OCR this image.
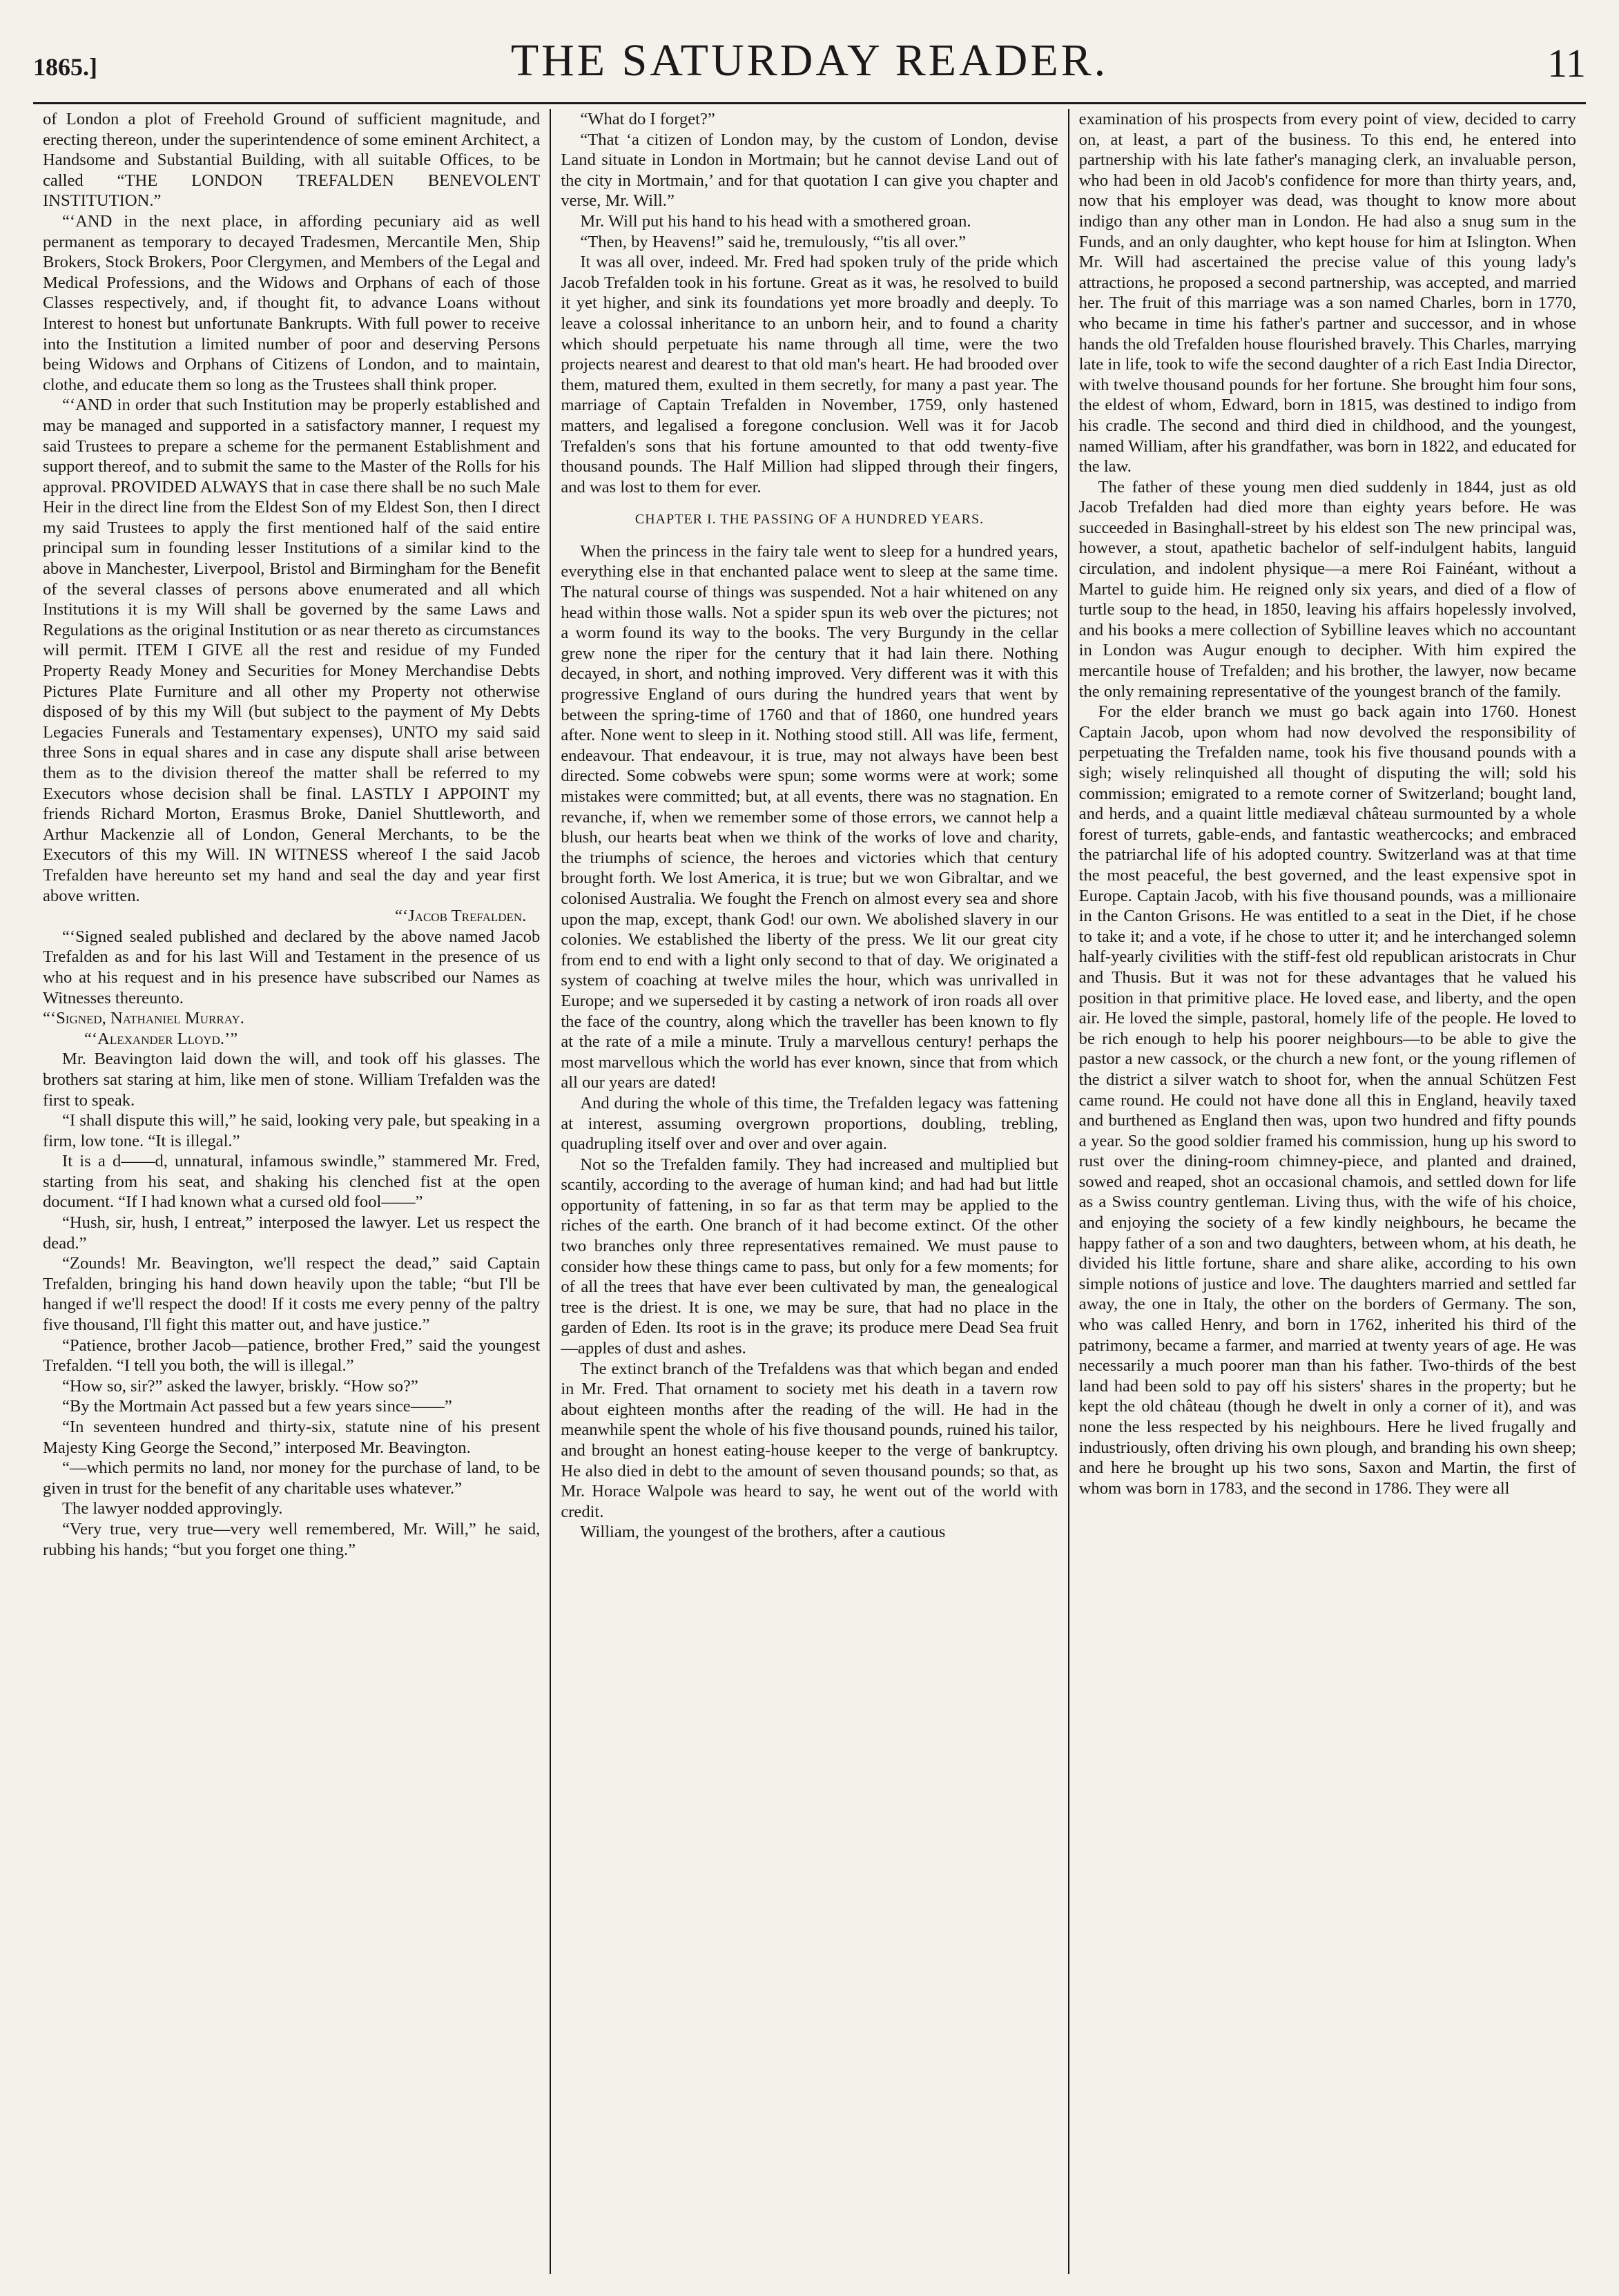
1865.]	THE SATURDAY READER.	11

of London a plot of Freehold Ground of sufficient magnitude, and erecting thereon, under the superintendence of some eminent Architect, a Handsome and Substantial Building, with all suitable Offices, to be called “THE LONDON TREFALDEN BENEVOLENT INSTITUTION.”

“‘AND in the next place, in affording pecuniary aid as well permanent as temporary to decayed Tradesmen, Mercantile Men, Ship Brokers, Stock Brokers, Poor Clergymen, and Members of the Legal and Medical Professions, and the Widows and Orphans of each of those Classes respectively, and, if thought fit, to advance Loans without Interest to honest but unfortunate Bankrupts. With full power to receive into the Institution a limited number of poor and deserving Persons being Widows and Orphans of Citizens of London, and to maintain, clothe, and educate them so long as the Trustees shall think proper.

“‘AND in order that such Institution may be properly established and may be managed and supported in a satisfactory manner, I request my said Trustees to prepare a scheme for the permanent Establishment and support thereof, and to submit the same to the Master of the Rolls for his approval. PROVIDED ALWAYS that in case there shall be no such Male Heir in the direct line from the Eldest Son of my Eldest Son, then I direct my said Trustees to apply the first mentioned half of the said entire principal sum in founding lesser Institutions of a similar kind to the above in Manchester, Liverpool, Bristol and Birmingham for the Benefit of the several classes of persons above enumerated and all which Institutions it is my Will shall be governed by the same Laws and Regulations as the original Institution or as near thereto as circumstances will permit. ITEM I GIVE all the rest and residue of my Funded Property Ready Money and Securities for Money Merchandise Debts Pictures Plate Furniture and all other my Property not otherwise disposed of by this my Will (but subject to the payment of My Debts Legacies Funerals and Testamentary expenses), UNTO my said said three Sons in equal shares and in case any dispute shall arise between them as to the division thereof the matter shall be referred to my Executors whose decision shall be final. LASTLY I APPOINT my friends Richard Morton, Erasmus Broke, Daniel Shuttleworth, and Arthur Mackenzie all of London, General Merchants, to be the Executors of this my Will. IN WITNESS whereof I the said Jacob Trefalden have hereunto set my hand and seal the day and year first above written.

“‘Jacob Trefalden.

“‘Signed sealed published and declared by the above named Jacob Trefalden as and for his last Will and Testament in the presence of us who at his request and in his presence have subscribed our Names as Witnesses thereunto.

“‘Signed, Nathaniel Murray.

“‘Alexander Lloyd.’”

Mr. Beavington laid down the will, and took off his glasses. The brothers sat staring at him, like men of stone. William Trefalden was the first to speak.

“I shall dispute this will,” he said, looking very pale, but speaking in a firm, low tone. “It is illegal.”

It is a d——d, unnatural, infamous swindle,” stammered Mr. Fred, starting from his seat, and shaking his clenched fist at the open document. “If I had known what a cursed old fool——”

“Hush, sir, hush, I entreat,” interposed the lawyer. Let us respect the dead.”

“Zounds! Mr. Beavington, we'll respect the dead,” said Captain Trefalden, bringing his hand down heavily upon the table; “but I'll be hanged if we'll respect the dood! If it costs me every penny of the paltry five thousand, I'll fight this matter out, and have justice.”

“Patience, brother Jacob—patience, brother Fred,” said the youngest Trefalden. “I tell you both, the will is illegal.”

“How so, sir?” asked the lawyer, briskly. “How so?”

“By the Mortmain Act passed but a few years since——”

“In seventeen hundred and thirty-six, statute nine of his present Majesty King George the Second,” interposed Mr. Beavington.

“—which permits no land, nor money for the purchase of land, to be given in trust for the benefit of any charitable uses whatever.”

The lawyer nodded approvingly.

“Very true, very true—very well remembered, Mr. Will,” he said, rubbing his hands; “but you forget one thing.”

“What do I forget?”

“That ‘a citizen of London may, by the custom of London, devise Land situate in London in Mortmain; but he cannot devise Land out of the city in Mortmain,’ and for that quotation I can give you chapter and verse, Mr. Will.”

Mr. Will put his hand to his head with a smothered groan.

“Then, by Heavens!” said he, tremulously, “'tis all over.”

It was all over, indeed. Mr. Fred had spoken truly of the pride which Jacob Trefalden took in his fortune. Great as it was, he resolved to build it yet higher, and sink its foundations yet more broadly and deeply. To leave a colossal inheritance to an unborn heir, and to found a charity which should perpetuate his name through all time, were the two projects nearest and dearest to that old man's heart. He had brooded over them, matured them, exulted in them secretly, for many a past year. The marriage of Captain Trefalden in November, 1759, only hastened matters, and legalised a foregone conclusion. Well was it for Jacob Trefalden's sons that his fortune amounted to that odd twenty-five thousand pounds. The Half Million had slipped through their fingers, and was lost to them for ever.

CHAPTER I. THE PASSING OF A HUNDRED YEARS.

When the princess in the fairy tale went to sleep for a hundred years, everything else in that enchanted palace went to sleep at the same time. The natural course of things was suspended. Not a hair whitened on any head within those walls. Not a spider spun its web over the pictures; not a worm found its way to the books. The very Burgundy in the cellar grew none the riper for the century that it had lain there. Nothing decayed, in short, and nothing improved. Very different was it with this progressive England of ours during the hundred years that went by between the spring-time of 1760 and that of 1860, one hundred years after. None went to sleep in it. Nothing stood still. All was life, ferment, endeavour. That endeavour, it is true, may not always have been best directed. Some cobwebs were spun; some worms were at work; some mistakes were committed; but, at all events, there was no stagnation. En revanche, if, when we remember some of those errors, we cannot help a blush, our hearts beat when we think of the works of love and charity, the triumphs of science, the heroes and victories which that century brought forth. We lost America, it is true; but we won Gibraltar, and we colonised Australia. We fought the French on almost every sea and shore upon the map, except, thank God! our own. We abolished slavery in our colonies. We established the liberty of the press. We lit our great city from end to end with a light only second to that of day. We originated a system of coaching at twelve miles the hour, which was unrivalled in Europe; and we superseded it by casting a network of iron roads all over the face of the country, along which the traveller has been known to fly at the rate of a mile a minute. Truly a marvellous century! perhaps the most marvellous which the world has ever known, since that from which all our years are dated!

And during the whole of this time, the Trefalden legacy was fattening at interest, assuming overgrown proportions, doubling, trebling, quadrupling itself over and over and over again.

Not so the Trefalden family. They had increased and multiplied but scantily, according to the average of human kind; and had had but little opportunity of fattening, in so far as that term may be applied to the riches of the earth. One branch of it had become extinct. Of the other two branches only three representatives remained. We must pause to consider how these things came to pass, but only for a few moments; for of all the trees that have ever been cultivated by man, the genealogical tree is the driest. It is one, we may be sure, that had no place in the garden of Eden. Its root is in the grave; its produce mere Dead Sea fruit—apples of dust and ashes.

The extinct branch of the Trefaldens was that which began and ended in Mr. Fred. That ornament to society met his death in a tavern row about eighteen months after the reading of the will. He had in the meanwhile spent the whole of his five thousand pounds, ruined his tailor, and brought an honest eating-house keeper to the verge of bankruptcy. He also died in debt to the amount of seven thousand pounds; so that, as Mr. Horace Walpole was heard to say, he went out of the world with credit.

William, the youngest of the brothers, after a cautious

examination of his prospects from every point of view, decided to carry on, at least, a part of the business. To this end, he entered into partnership with his late father's managing clerk, an invaluable person, who had been in old Jacob's confidence for more than thirty years, and, now that his employer was dead, was thought to know more about indigo than any other man in London. He had also a snug sum in the Funds, and an only daughter, who kept house for him at Islington. When Mr. Will had ascertained the precise value of this young lady's attractions, he proposed a second partnership, was accepted, and married her. The fruit of this marriage was a son named Charles, born in 1770, who became in time his father's partner and successor, and in whose hands the old Trefalden house flourished bravely. This Charles, marrying late in life, took to wife the second daughter of a rich East India Director, with twelve thousand pounds for her fortune. She brought him four sons, the eldest of whom, Edward, born in 1815, was destined to indigo from his cradle. The second and third died in childhood, and the youngest, named William, after his grandfather, was born in 1822, and educated for the law.

The father of these young men died suddenly in 1844, just as old Jacob Trefalden had died more than eighty years before. He was succeeded in Basinghall-street by his eldest son The new principal was, however, a stout, apathetic bachelor of self-indulgent habits, languid circulation, and indolent physique—a mere Roi Fainéant, without a Martel to guide him. He reigned only six years, and died of a flow of turtle soup to the head, in 1850, leaving his affairs hopelessly involved, and his books a mere collection of Sybilline leaves which no accountant in London was Augur enough to decipher. With him expired the mercantile house of Trefalden; and his brother, the lawyer, now became the only remaining representative of the youngest branch of the family.

For the elder branch we must go back again into 1760. Honest Captain Jacob, upon whom had now devolved the responsibility of perpetuating the Trefalden name, took his five thousand pounds with a sigh; wisely relinquished all thought of disputing the will; sold his commission; emigrated to a remote corner of Switzerland; bought land, and herds, and a quaint little mediæval château surmounted by a whole forest of turrets, gable-ends, and fantastic weathercocks; and embraced the patriarchal life of his adopted country. Switzerland was at that time the most peaceful, the best governed, and the least expensive spot in Europe. Captain Jacob, with his five thousand pounds, was a millionaire in the Canton Grisons. He was entitled to a seat in the Diet, if he chose to take it; and a vote, if he chose to utter it; and he interchanged solemn half-yearly civilities with the stiff-fest old republican aristocrats in Chur and Thusis. But it was not for these advantages that he valued his position in that primitive place. He loved ease, and liberty, and the open air. He loved the simple, pastoral, homely life of the people. He loved to be rich enough to help his poorer neighbours—to be able to give the pastor a new cassock, or the church a new font, or the young riflemen of the district a silver watch to shoot for, when the annual Schützen Fest came round. He could not have done all this in England, heavily taxed and burthened as England then was, upon two hundred and fifty pounds a year. So the good soldier framed his commission, hung up his sword to rust over the dining-room chimney-piece, and planted and drained, sowed and reaped, shot an occasional chamois, and settled down for life as a Swiss country gentleman. Living thus, with the wife of his choice, and enjoying the society of a few kindly neighbours, he became the happy father of a son and two daughters, between whom, at his death, he divided his little fortune, share and share alike, according to his own simple notions of justice and love. The daughters married and settled far away, the one in Italy, the other on the borders of Germany. The son, who was called Henry, and born in 1762, inherited his third of the patrimony, became a farmer, and married at twenty years of age. He was necessarily a much poorer man than his father. Two-thirds of the best land had been sold to pay off his sisters' shares in the property; but he kept the old château (though he dwelt in only a corner of it), and was none the less respected by his neighbours. Here he lived frugally and industriously, often driving his own plough, and branding his own sheep; and here he brought up his two sons, Saxon and Martin, the first of whom was born in 1783, and the second in 1786. They were all
